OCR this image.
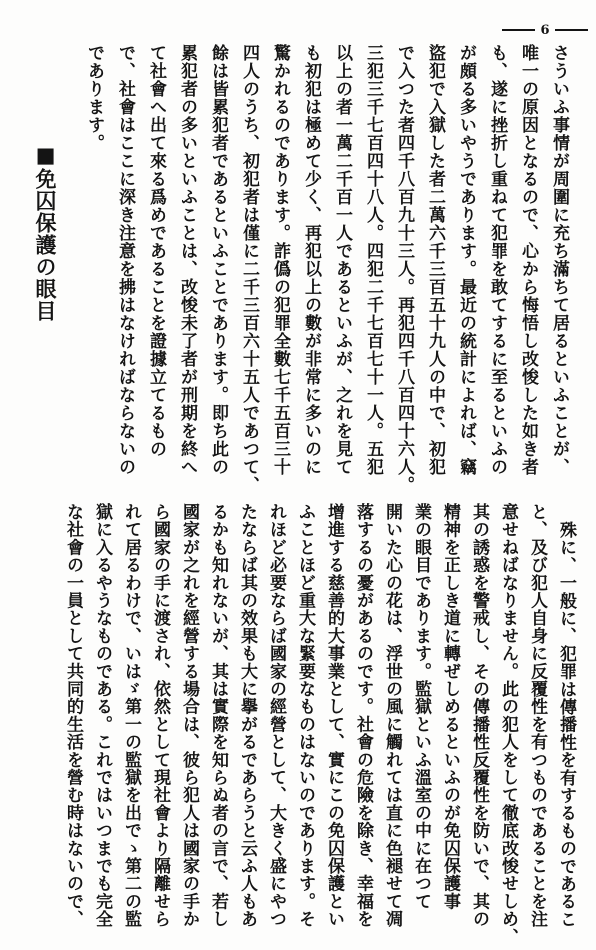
6
さういふ事情が周圍に充ち滿ちて居るといふことが、
唯一の原因となるので、心から悔悟し改悛した如き者
も、遂に挫折し重ねて犯罪を敢てするに至るといふの
が頗る多いやうであります。最近の統計によれば、竊
盜犯で入獄した者二萬六千三百五十九人の中で、初犯
で入つた者四千八百九十三人。再犯四千八百四十六人。
三犯三千七百四十八人。四犯二千七百七十一人。五犯
以上の者一萬二千百一人であるといふが、之れを見て
も初犯は極めて少く、再犯以上の數が非常に多いのに
驚かれるのであります。詐僞の犯罪全數七千五百三十
四人のうち、初犯者は僅に二千三百六十五人であつて、
餘は皆累犯者であるといふことであります。即ち此の
累犯者の多いといふことは、改悛未了者が刑期を終へ
て社會へ出て來る爲めであることを證據立てるもの
で、社會はここに深き注意を拂はなければならないの
であります。
■免囚保護の眼目
殊に、一般に、犯罪は傳播性を有するものであるこ
と、及び犯人自身に反覆性を有つものであることを注
意せねばなりません。此の犯人をして徹底改悛せしめ、
其の誘惑を警戒し、その傳播性反覆性を防いで、其の
精神を正しき道に轉ぜしめるといふのが免囚保護事
業の眼目であります。監獄といふ溫室の中に在つて
開いた心の花は、浮世の風に觸れては直に色褪せて凋
落するの憂があるのです。社會の危險を除き、幸福を
增進する慈善的大事業として、實にこの免囚保護とい
ふことほど重大な緊要なものはないのであります。そ
れほど必要ならば國家の經營として、大きく盛にやつ
たならば其の效果も大に擧がるであらうと云ふ人もあ
るかも知れないが、其は實際を知らぬ者の言で、若し
國家が之れを經營する場合は、彼ら犯人は國家の手か
ら國家の手に渡され、依然として現社會より隔離せら
れて居るわけで、いはゞ第一の監獄を出でゝ第二の監
獄に入るやうなものである。これではいつまでも完全
な社會の一員として共同的生活を營む時はないので、
